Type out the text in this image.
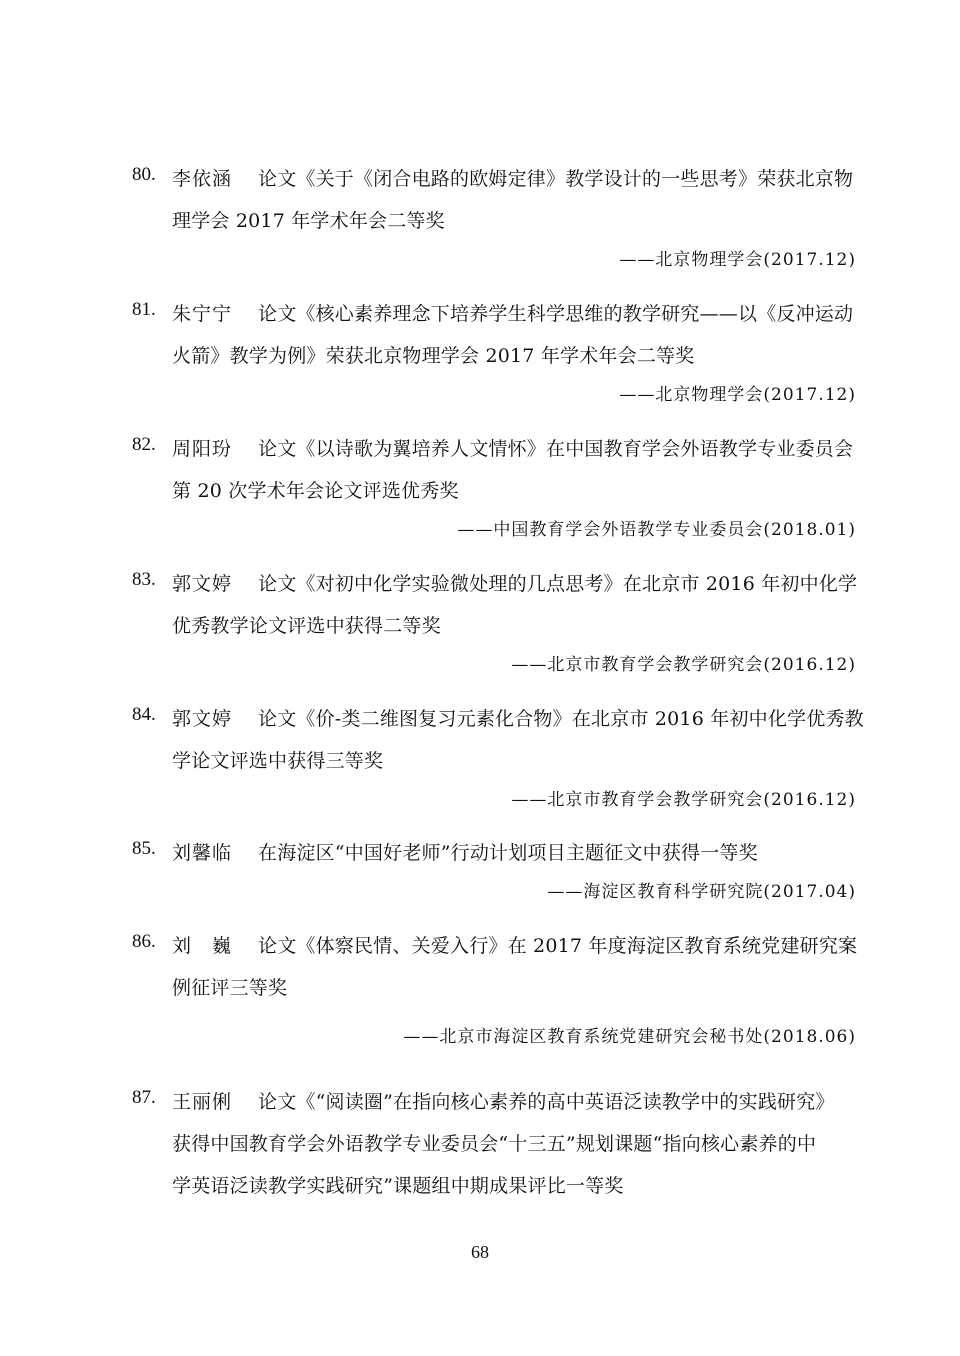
80. 李依涵 论文《关于《闭合电路的欧姆定律》教学设计的一些思考》荣获北京物
理学会 2017 年学术年会二等奖
——北京物理学会(2017.12)
81. 朱宁宁 论文《核心素养理念下培养学生科学思维的教学研究——以《反冲运动
火箭》教学为例》荣获北京物理学会 2017 年学术年会二等奖
——北京物理学会(2017.12)
82. 周阳玢 论文《以诗歌为翼培养人文情怀》在中国教育学会外语教学专业委员会
第 20 次学术年会论文评选优秀奖
——中国教育学会外语教学专业委员会(2018.01)
83. 郭文婷 论文《对初中化学实验微处理的几点思考》在北京市 2016 年初中化学
优秀教学论文评选中获得二等奖
——北京市教育学会教学研究会(2016.12)
84. 郭文婷 论文《价-类二维图复习元素化合物》在北京市 2016 年初中化学优秀教
学论文评选中获得三等奖
——北京市教育学会教学研究会(2016.12)
85. 刘馨临 在海淀区“中国好老师”行动计划项目主题征文中获得一等奖
——海淀区教育科学研究院(2017.04)
86. 刘　巍 论文《体察民情、关爱入行》在 2017 年度海淀区教育系统党建研究案
例征评三等奖
——北京市海淀区教育系统党建研究会秘书处(2018.06)
87. 王丽俐 论文《“阅读圈”在指向核心素养的高中英语泛读教学中的实践研究》
获得中国教育学会外语教学专业委员会“十三五”规划课题“指向核心素养的中
学英语泛读教学实践研究”课题组中期成果评比一等奖
68
